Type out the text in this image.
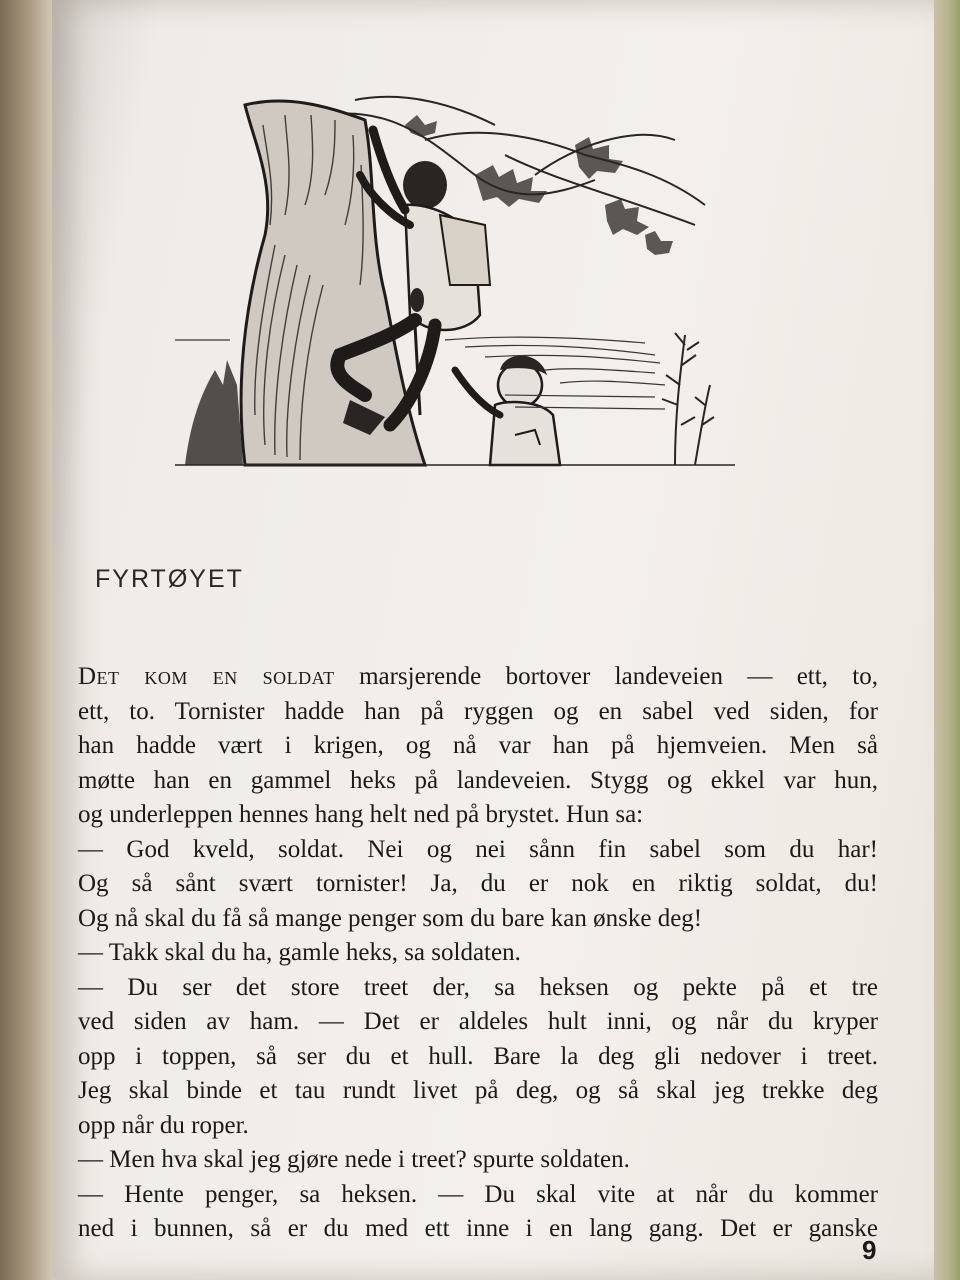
FYRTØYET
Det kom en soldat marsjerende bortover landeveien — ett, to,
ett, to. Tornister hadde han på ryggen og en sabel ved siden, for
han hadde vært i krigen, og nå var han på hjemveien. Men så
møtte han en gammel heks på landeveien. Stygg og ekkel var hun,
og underleppen hennes hang helt ned på brystet. Hun sa:
— God kveld, soldat. Nei og nei sånn fin sabel som du har!
Og så sånt svært tornister! Ja, du er nok en riktig soldat, du!
Og nå skal du få så mange penger som du bare kan ønske deg!
— Takk skal du ha, gamle heks, sa soldaten.
— Du ser det store treet der, sa heksen og pekte på et tre
ved siden av ham. — Det er aldeles hult inni, og når du kryper
opp i toppen, så ser du et hull. Bare la deg gli nedover i treet.
Jeg skal binde et tau rundt livet på deg, og så skal jeg trekke deg
opp når du roper.
— Men hva skal jeg gjøre nede i treet? spurte soldaten.
— Hente penger, sa heksen. — Du skal vite at når du kommer
ned i bunnen, så er du med ett inne i en lang gang. Det er ganske
9
